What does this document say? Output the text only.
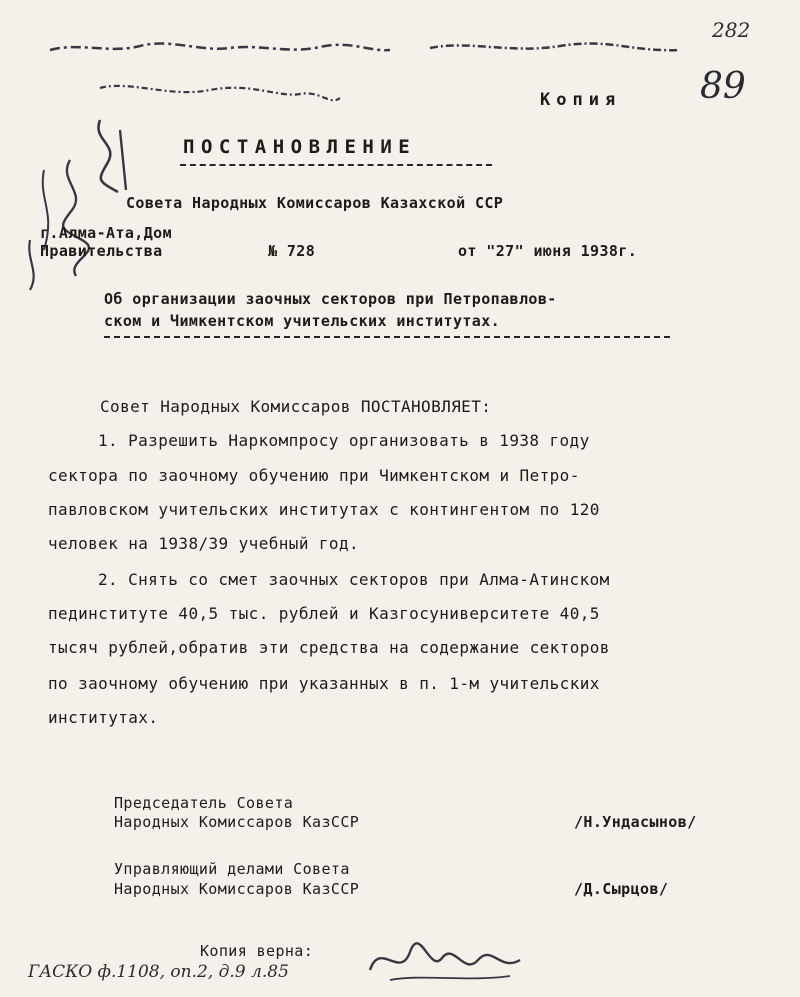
Копия
282
89
ПОСТАНОВЛЕНИЕ
Совета Народных Комиссаров Казахской ССР
г.Алма-Ата,Дом
Правительства	№ 728	от "27" июня 1938г.
Об организации заочных секторов при Петропавлов-
ском и Чимкентском учительских институтах.
Совет Народных Комиссаров ПОСТАНОВЛЯЕТ:
1. Разрешить Наркомпросу организовать в 1938 году
сектора по заочному обучению при Чимкентском и Петро-
павловском учительских институтах с контингентом по 120
человек на 1938/39 учебный год.
2. Снять со смет заочных секторов при Алма-Атинском
пединституте 40,5 тыс. рублей и Казгосуниверситете 40,5
тысяч рублей,обратив эти средства на содержание секторов
по заочному обучению при указанных в п. 1-м учительских
институтах.
Председатель Совета
Народных Комиссаров КазССР	/Н.Ундасынов/
Управляющий делами Совета
Народных Комиссаров КазССР	/Д.Сырцов/
Копия верна:
ГАСКО ф.1108, оп.2, д.9 л.85
